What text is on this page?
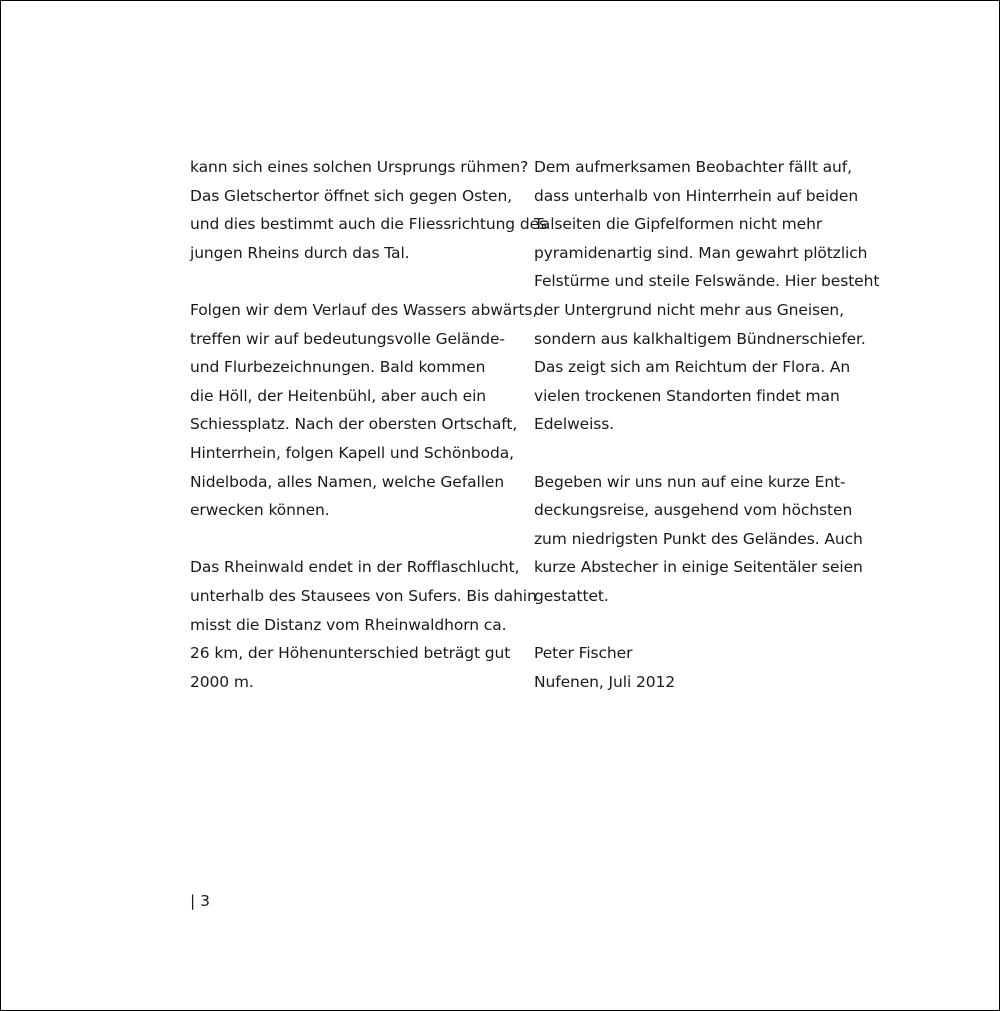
kann sich eines solchen Ursprungs rühmen?
Das Gletschertor öffnet sich gegen Osten,
und dies bestimmt auch die Fliessrichtung des
jungen Rheins durch das Tal.

Folgen wir dem Verlauf des Wassers abwärts,
treffen wir auf bedeutungsvolle Gelände-
und Flurbezeichnungen. Bald kommen
die Höll, der Heitenbühl, aber auch ein
Schiessplatz. Nach der obersten Ortschaft,
Hinterrhein, folgen Kapell und Schönboda,
Nidelboda, alles Namen, welche Gefallen
erwecken können.

Das Rheinwald endet in der Rofflaschlucht,
unterhalb des Stausees von Sufers. Bis dahin
misst die Distanz vom Rheinwaldhorn ca.
26 km, der Höhenunterschied beträgt gut
2000 m.

Dem aufmerksamen Beobachter fällt auf,
dass unterhalb von Hinterrhein auf beiden
Talseiten die Gipfelformen nicht mehr
pyramidenartig sind. Man gewahrt plötzlich
Felstürme und steile Felswände. Hier besteht
der Untergrund nicht mehr aus Gneisen,
sondern aus kalkhaltigem Bündnerschiefer.
Das zeigt sich am Reichtum der Flora. An
vielen trockenen Standorten findet man
Edelweiss.

Begeben wir uns nun auf eine kurze Ent-
deckungsreise, ausgehend vom höchsten
zum niedrigsten Punkt des Geländes. Auch
kurze Abstecher in einige Seitentäler seien
gestattet.

Peter Fischer
Nufenen, Juli 2012

| 3
